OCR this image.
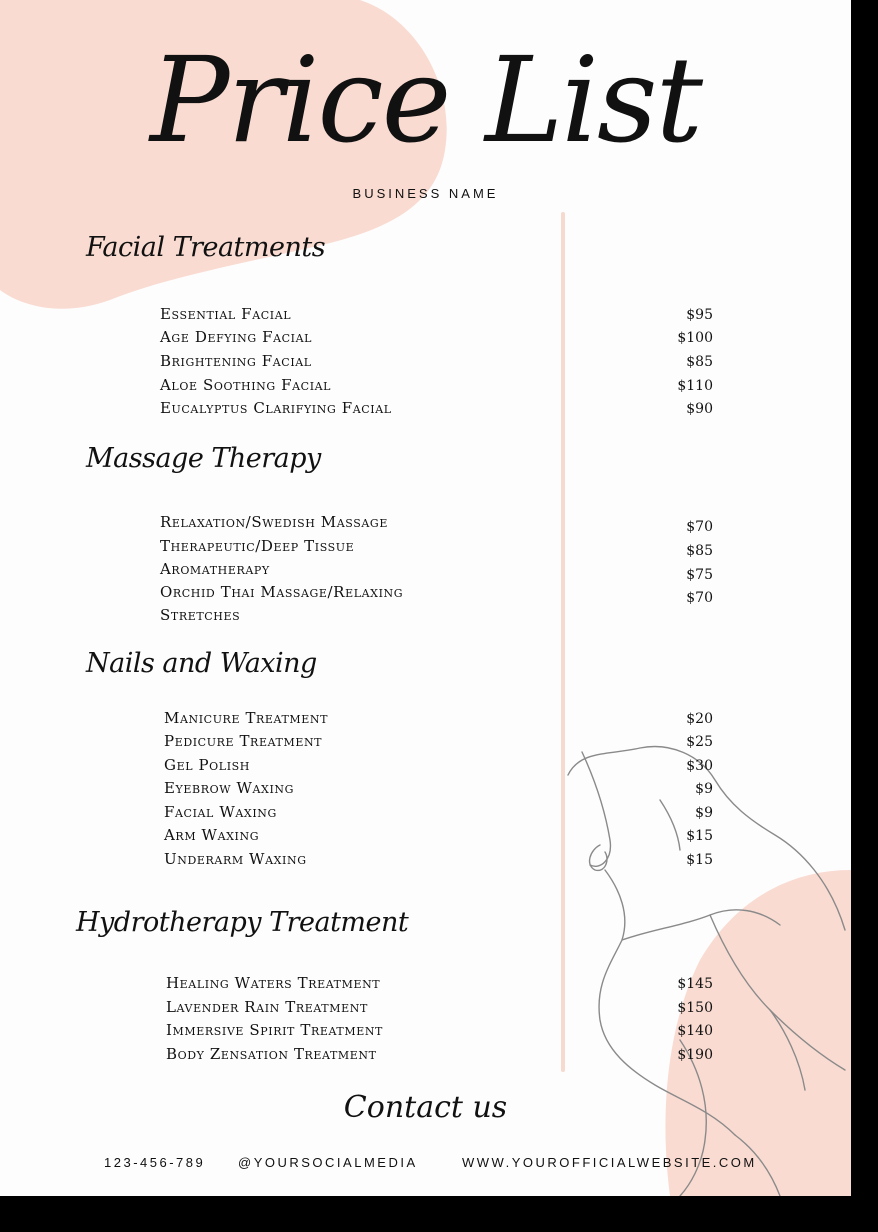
Price List
BUSINESS NAME
Facial Treatments
Essential Facial	$95
Age Defying Facial	$100
Brightening Facial	$85
Aloe Soothing Facial	$110
Eucalyptus Clarifying Facial	$90
Massage Therapy
Relaxation/Swedish Massage	$70
Therapeutic/Deep Tissue	$85
Aromatherapy	$75
Orchid Thai Massage/Relaxing	$70
Stretches
Nails and Waxing
Manicure Treatment	$20
Pedicure Treatment	$25
Gel Polish	$30
Eyebrow Waxing	$9
Facial Waxing	$9
Arm Waxing	$15
Underarm Waxing	$15
Hydrotherapy Treatment
Healing Waters Treatment	$145
Lavender Rain Treatment	$150
Immersive Spirit Treatment	$140
Body Zensation Treatment	$190
Contact us
123-456-789	@YOURSOCIALMEDIA	WWW.YOUROFFICIALWEBSITE.COM
